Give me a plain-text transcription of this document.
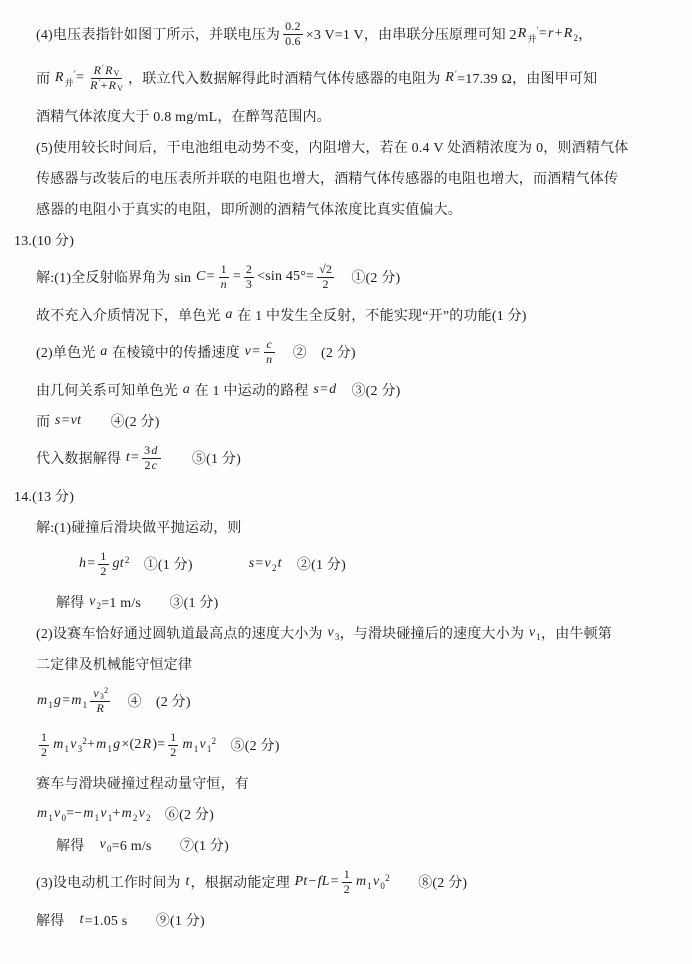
(4)电压表指针如图丁所示，并联电压为 $\frac{0.2}{0.6} \times 3$ V=1 V，由串联分压原理可知 2 R 并
′ = r + R 2 ，
而 R 并
′ = $\frac{\text{R ′ R V}}{\text{R ′ + R V}}$ ，联立代入数据解得此时酒精气体传感器的电阻为 R ′ =17.39 Ω，由图甲可知
酒精气体浓度大于 0.8 mg/mL，在醉驾范围内。
(5)使用较长时间后，干电池组电动势不变，内阻增大，若在 0.4 V 处酒精浓度为 0，则酒精气体
传感器与改装后的电压表所并联的电阻也增大，酒精气体传感器的电阻也增大，而酒精气体传
感器的电阻小于真实的电阻，即所测的酒精气体浓度比真实值偏大。
13.(10 分)
解:(1)全反射临界角为 $\sin C = \frac{1}{n} = \frac{2}{3} <\sin$ $45^\circ= \frac{√2}{2}$ 　①(2 分)
故不充入介质情况下，单色光 a 在 1 中发生全反射，不能实现“开”的功能(1 分)
(2)单色光 a 在棱镜中的传播速度 $v = \frac{c}{n}$ 　②　(2 分)
由几何关系可知单色光 a 在 1 中运动的路程 s = d 　③(2 分)
而 s = vt 　　④(2 分)
代入数据解得 $t = \frac{3 d}{2 c}$ 　　⑤(1 分)
14.(13 分)
解:(1)碰撞后滑块做平抛运动，则
$h = \frac{1}{2}$ gt 2 　①(1 分)	s = v 2 t 　②(1 分)
解得 v 2 =1 m/s　　③(1 分)
(2)设赛车恰好通过圆轨道最高点的速度大小为 v 3 ，与滑块碰撞后的速度大小为 v 1 ，由牛顿第
二定律及机械能守恒定律
m 1 g = m 1 v 3
2
R 　④　(2 分)
$\frac{1}{2}$ m 1 v 3
2 + m 1 g ×(2 R )= $\frac{1}{2}$ m 1 v 1
2 　⑤(2 分)
赛车与滑块碰撞过程动量守恒，有
m 1 v 0 =− m 1 v 1 + m 2 v 2 　⑥(2 分)
解得　 v 0 =6 m/s　　⑦(1 分)
(3)设电动机工作时间为 t ，根据动能定理 Pt − fL = $\frac{1}{2}$ m 1 v 0
2 　　⑧(2 分)
解得　 t =1.05 s　　⑨(1 分)
